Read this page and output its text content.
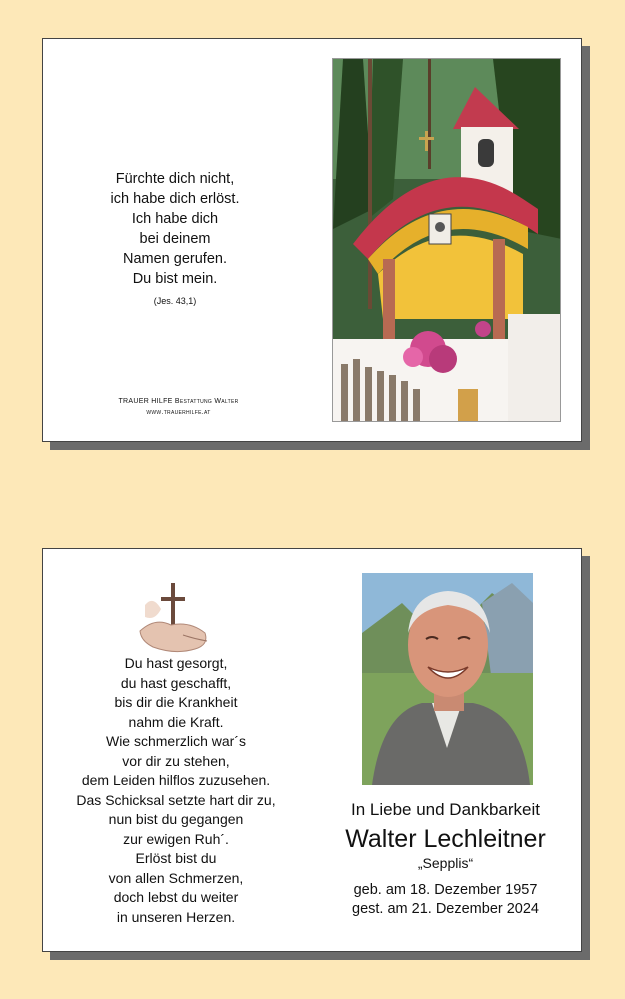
Fürchte dich nicht,
ich habe dich erlöst.
Ich habe dich
bei deinem
Namen gerufen.
Du bist mein.
(Jes. 43,1)
TRAUER HILFE Bestattung Walter
www.trauerhilfe.at
Du hast gesorgt,
du hast geschafft,
bis dir die Krankheit
nahm die Kraft.
Wie schmerzlich war´s
vor dir zu stehen,
dem Leiden hilflos zuzusehen.
Das Schicksal setzte hart dir zu,
nun bist du gegangen
zur ewigen Ruh´.
Erlöst bist du
von allen Schmerzen,
doch lebst du weiter
in unseren Herzen.
In Liebe und Dankbarkeit
Walter Lechleitner
„Sepplis“
geb. am 18. Dezember 1957
gest. am 21. Dezember 2024
